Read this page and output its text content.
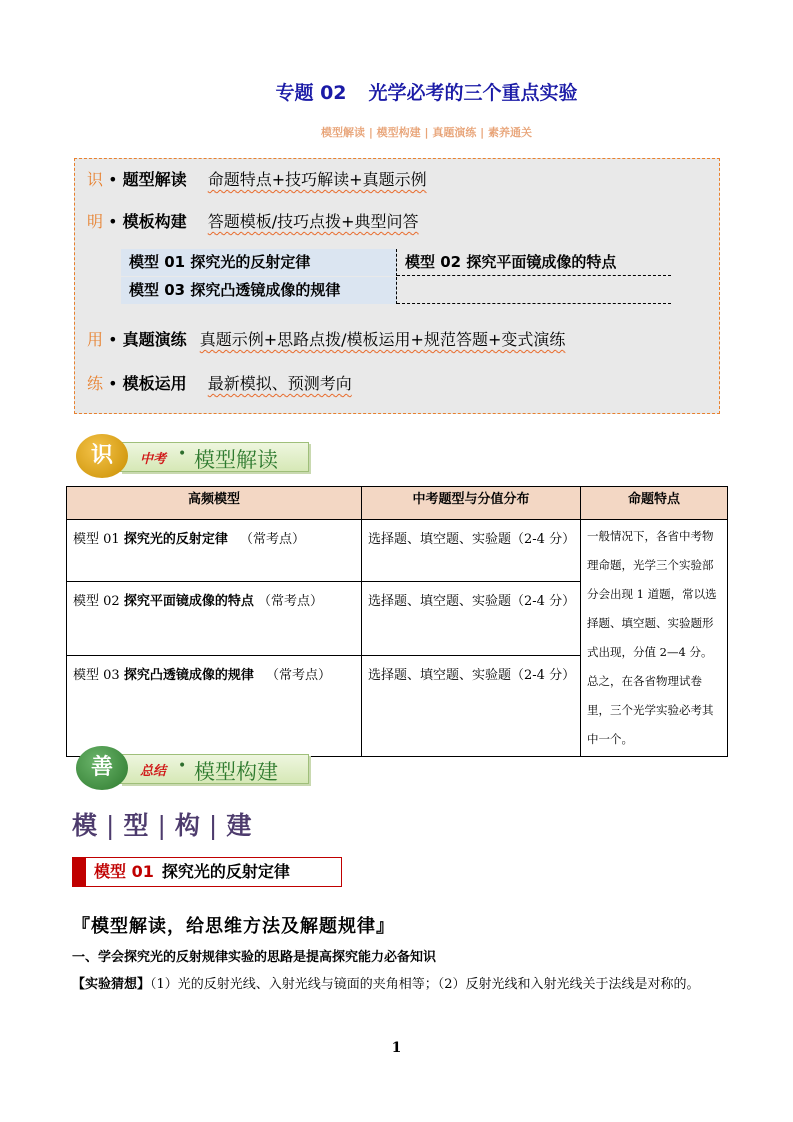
专题 02 光学必考的三个重点实验
模型解读 | 模型构建 | 真题演练 | 素养通关
识 • 题型解读 命题特点+技巧解读+真题示例
明 • 模板构建 答题模板/技巧点拨+典型问答
模型 01 探究光的反射定律	模型 02 探究平面镜成像的特点
模型 03 探究凸透镜成像的规律
用 • 真题演练 真题示例+思路点拨/模板运用+规范答题+变式演练
练 • 模板运用 最新模拟、预测考向
中考 • 模型解读
识
高频模型	中考题型与分值分布	命题特点
模型 01 探究光的反射定律 （常考点）	选择题、填空题、实验题（2-4 分）	一般情况下，各省中考物理命题，光学三个实验部分会出现 1 道题，常以选择题、填空题、实验题形式出现，分值 2—4 分。总之，在各省物理试卷里，三个光学实验必考其中一个。
模型 02 探究平面镜成像的特点 （常考点）	选择题、填空题、实验题（2-4 分）	
模型 03 探究凸透镜成像的规律 （常考点）	选择题、填空题、实验题（2-4 分）	
总结 • 模型构建
善
模 | 型 | 构 | 建
模型 01 探究光的反射定律
『模型解读，给思维方法及解题规律』
一、学会探究光的反射规律实验的思路是提高探究能力必备知识
【实验猜想】（1）光的反射光线、入射光线与镜面的夹角相等；（2）反射光线和入射光线关于法线是对称的。
1
